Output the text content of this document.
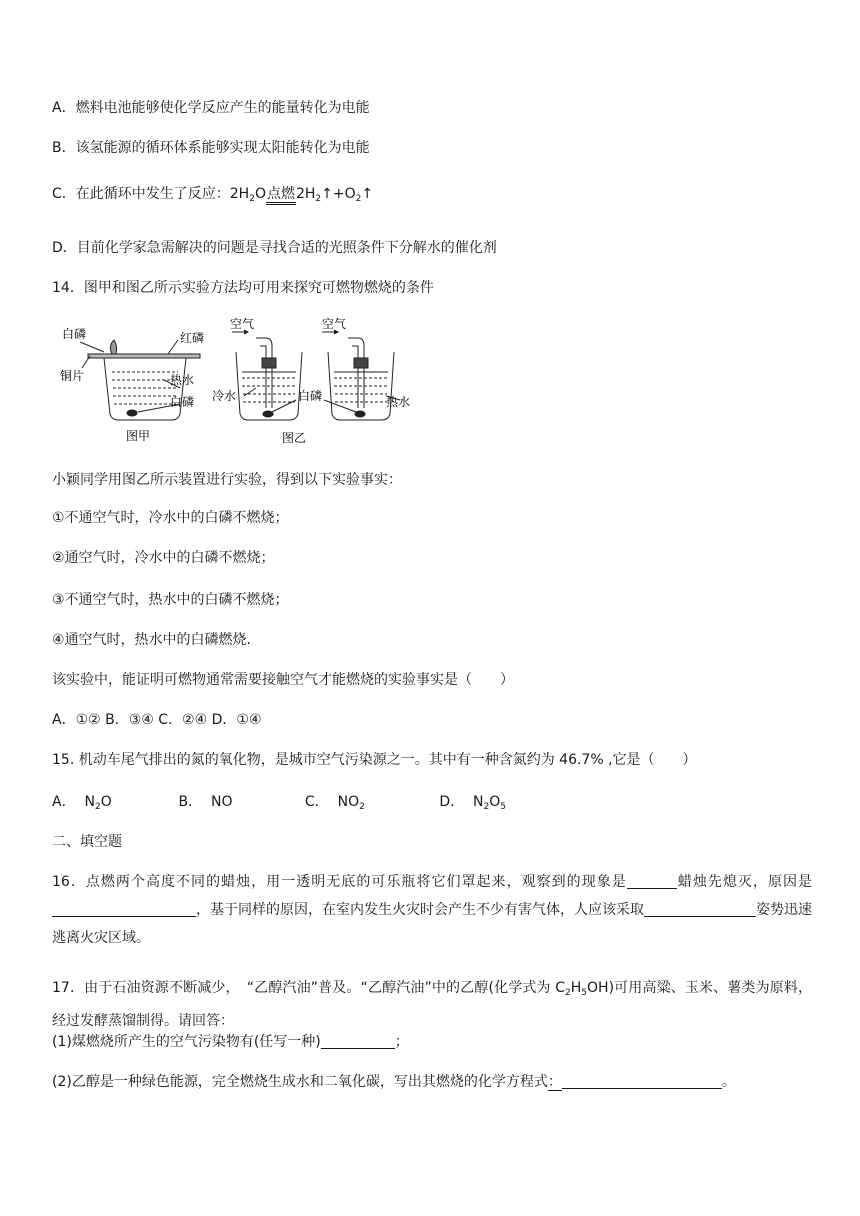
A．燃料电池能够使化学反应产生的能量转化为电能
B．该氢能源的循环体系能够实现太阳能转化为电能
C．在此循环中发生了反应：$2H_2O$点燃$2H_2↑+O_2↑$
D．目前化学家急需解决的问题是寻找合适的光照条件下分解水的催化剂
14．图甲和图乙所示实验方法均可用来探究可燃物燃烧的条件
白磷	红磷
铜片	热水
白磷
图甲
空气	空气
冷水	白磷	热水
图乙
小颖同学用图乙所示装置进行实验，得到以下实验事实：
①不通空气时，冷水中的白磷不燃烧；
②通空气时，冷水中的白磷不燃烧；
③不通空气时，热水中的白磷不燃烧；
④通空气时，热水中的白磷燃烧.
该实验中，能证明可燃物通常需要接触空气才能燃烧的实验事实是（　　）
A．①② B．③④ C．②④ D．①④
15. 机动车尾气排出的氮的氧化物，是城市空气污染源之一。其中有一种含氮约为 46.7% ,它是（　　）
A． $N_2O$	B． NO	C． $NO_2$	D． $N_2O_5$
二、填空题
16．点燃两个高度不同的蜡烛，用一透明无底的可乐瓶将它们罩起来，观察到的现象是	蜡烛先熄灭，原因是，基于同样的原因，在室内发生火灾时会产生不少有害气体，人应该采取	姿势迅速逃离火灾区域。
17．由于石油资源不断减少，　“乙醇汽油”普及。“乙醇汽油”中的乙醇(化学式为 $C_2H_5OH$)可用高粱、玉米、薯类为原料，经过发酵蒸馏制得。请回答：
(1)煤燃烧所产生的空气污染物有(任写一种)	；
(2)乙醇是一种绿色能源，完全燃烧生成水和二氧化碳，写出其燃烧的化学方程式：	。
